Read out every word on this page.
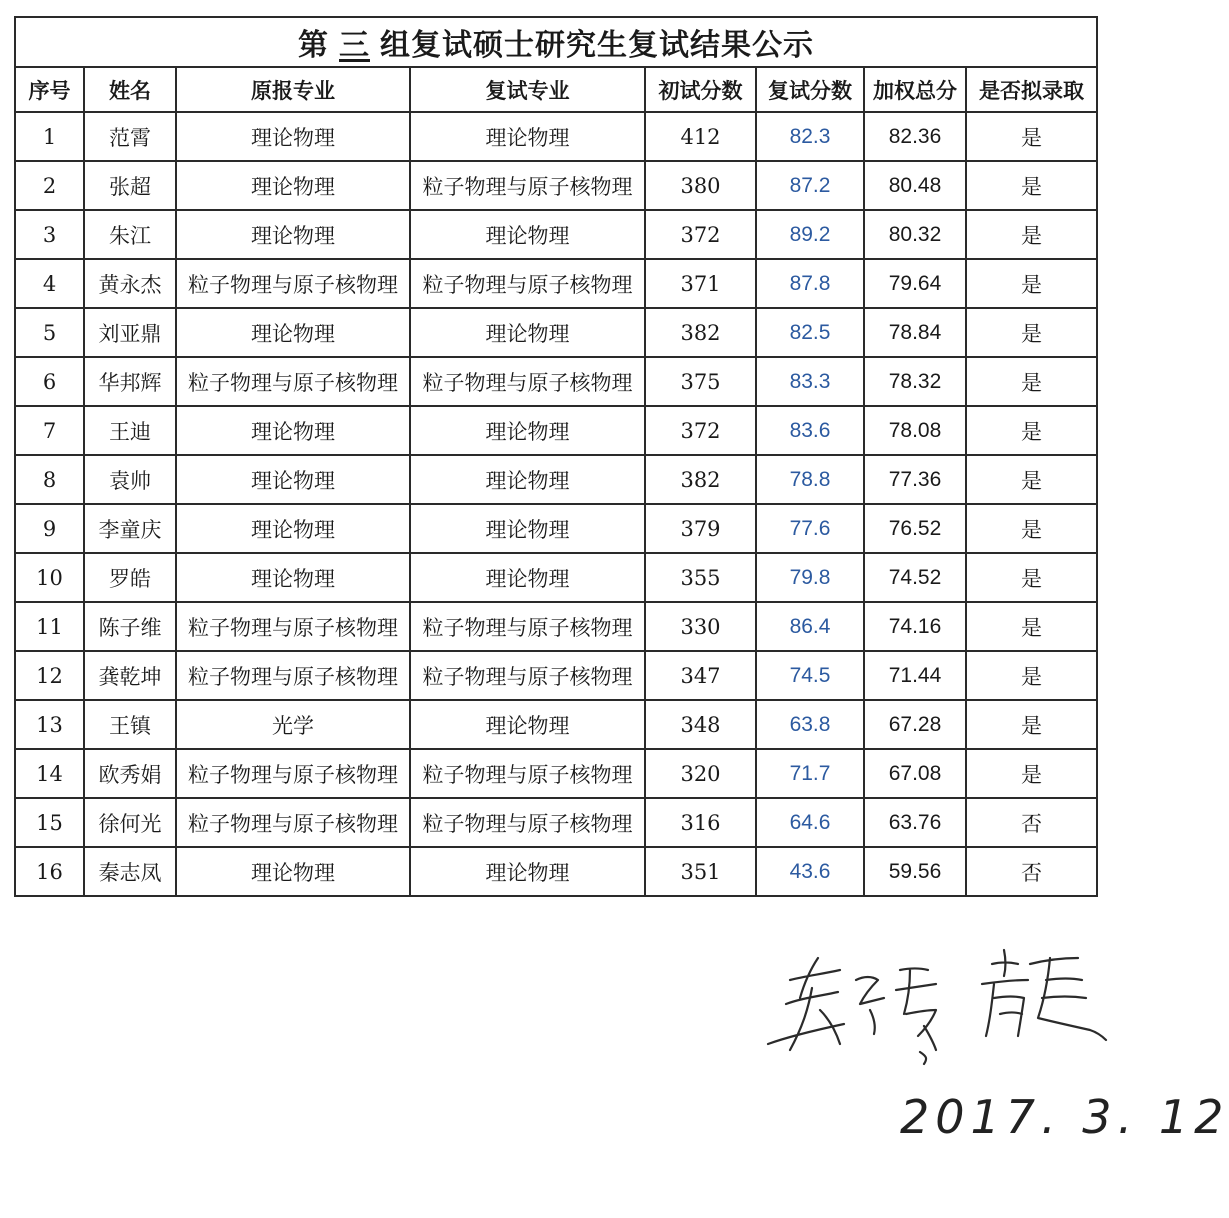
第 三 组复试硕士研究生复试结果公示							
序号	姓名	原报专业	复试专业	初试分数	复试分数	加权总分	是否拟录取
1	范霄	理论物理	理论物理	412	82.3	82.36	是
2	张超	理论物理	粒子物理与原子核物理	380	87.2	80.48	是
3	朱江	理论物理	理论物理	372	89.2	80.32	是
4	黄永杰	粒子物理与原子核物理	粒子物理与原子核物理	371	87.8	79.64	是
5	刘亚鼎	理论物理	理论物理	382	82.5	78.84	是
6	华邦辉	粒子物理与原子核物理	粒子物理与原子核物理	375	83.3	78.32	是
7	王迪	理论物理	理论物理	372	83.6	78.08	是
8	袁帅	理论物理	理论物理	382	78.8	77.36	是
9	李童庆	理论物理	理论物理	379	77.6	76.52	是
10	罗皓	理论物理	理论物理	355	79.8	74.52	是
11	陈子维	粒子物理与原子核物理	粒子物理与原子核物理	330	86.4	74.16	是
12	龚乾坤	粒子物理与原子核物理	粒子物理与原子核物理	347	74.5	71.44	是
13	王镇	光学	理论物理	348	63.8	67.28	是
14	欧秀娟	粒子物理与原子核物理	粒子物理与原子核物理	320	71.7	67.08	是
15	徐何光	粒子物理与原子核物理	粒子物理与原子核物理	316	64.6	63.76	否
16	秦志凤	理论物理	理论物理	351	43.6	59.56	否
2017. 3. 12
